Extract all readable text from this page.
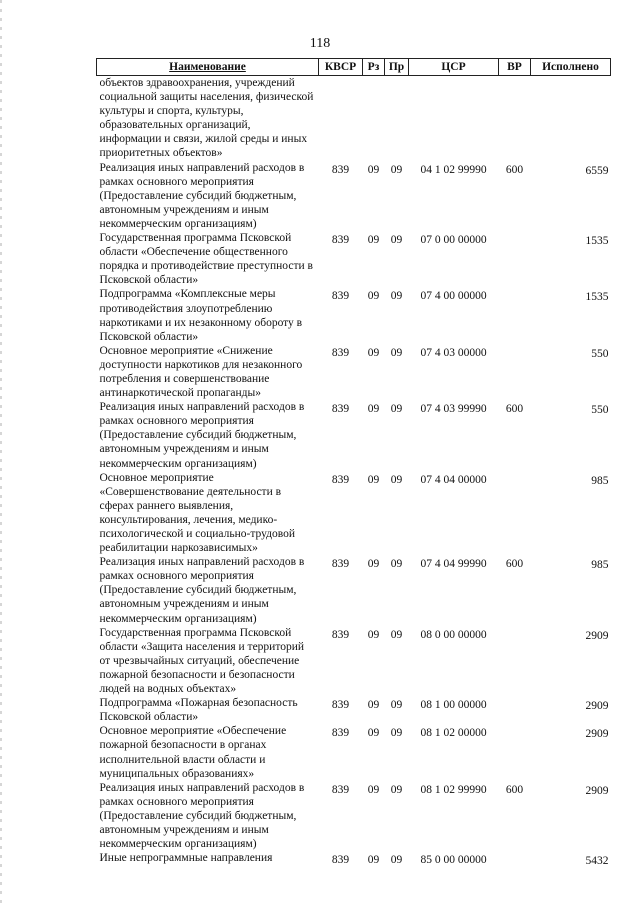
118
Наименование	КВСР	Рз	Пр	ЦСР	ВР	Исполнено
объектов здравоохранения, учреждений социальной защиты населения, физической культуры и спорта, культуры, образовательных организаций, информации и связи, жилой среды и иных приоритетных объектов»						
Реализация иных направлений расходов в рамках основного мероприятия (Предоставление субсидий бюджетным, автономным учреждениям и иным некоммерческим организациям)	839	09	09	04 1 02 99990	600	6559
Государственная программа Псковской области «Обеспечение общественного порядка и противодействие преступности в Псковской области»	839	09	09	07 0 00 00000		1535
Подпрограмма «Комплексные меры противодействия злоупотреблению наркотиками и их незаконному обороту в Псковской области»	839	09	09	07 4 00 00000		1535
Основное мероприятие «Снижение доступности наркотиков для незаконного потребления и совершенствование антинаркотической пропаганды»	839	09	09	07 4 03 00000		550
Реализация иных направлений расходов в рамках основного мероприятия (Предоставление субсидий бюджетным, автономным учреждениям и иным некоммерческим организациям)	839	09	09	07 4 03 99990	600	550
Основное мероприятие «Совершенствование деятельности в сферах раннего выявления, консультирования, лечения, медико-психологической и социально-трудовой реабилитации наркозависимых»	839	09	09	07 4 04 00000		985
Реализация иных направлений расходов в рамках основного мероприятия (Предоставление субсидий бюджетным, автономным учреждениям и иным некоммерческим организациям)	839	09	09	07 4 04 99990	600	985
Государственная программа Псковской области «Защита населения и территорий от чрезвычайных ситуаций, обеспечение пожарной безопасности и безопасности людей на водных объектах»	839	09	09	08 0 00 00000		2909
Подпрограмма «Пожарная безопасность Псковской области»	839	09	09	08 1 00 00000		2909
Основное мероприятие «Обеспечение пожарной безопасности в органах исполнительной власти области и муниципальных образованиях»	839	09	09	08 1 02 00000		2909
Реализация иных направлений расходов в рамках основного мероприятия (Предоставление субсидий бюджетным, автономным учреждениям и иным некоммерческим организациям)	839	09	09	08 1 02 99990	600	2909
Иные непрограммные направления	839	09	09	85 0 00 00000		5432
